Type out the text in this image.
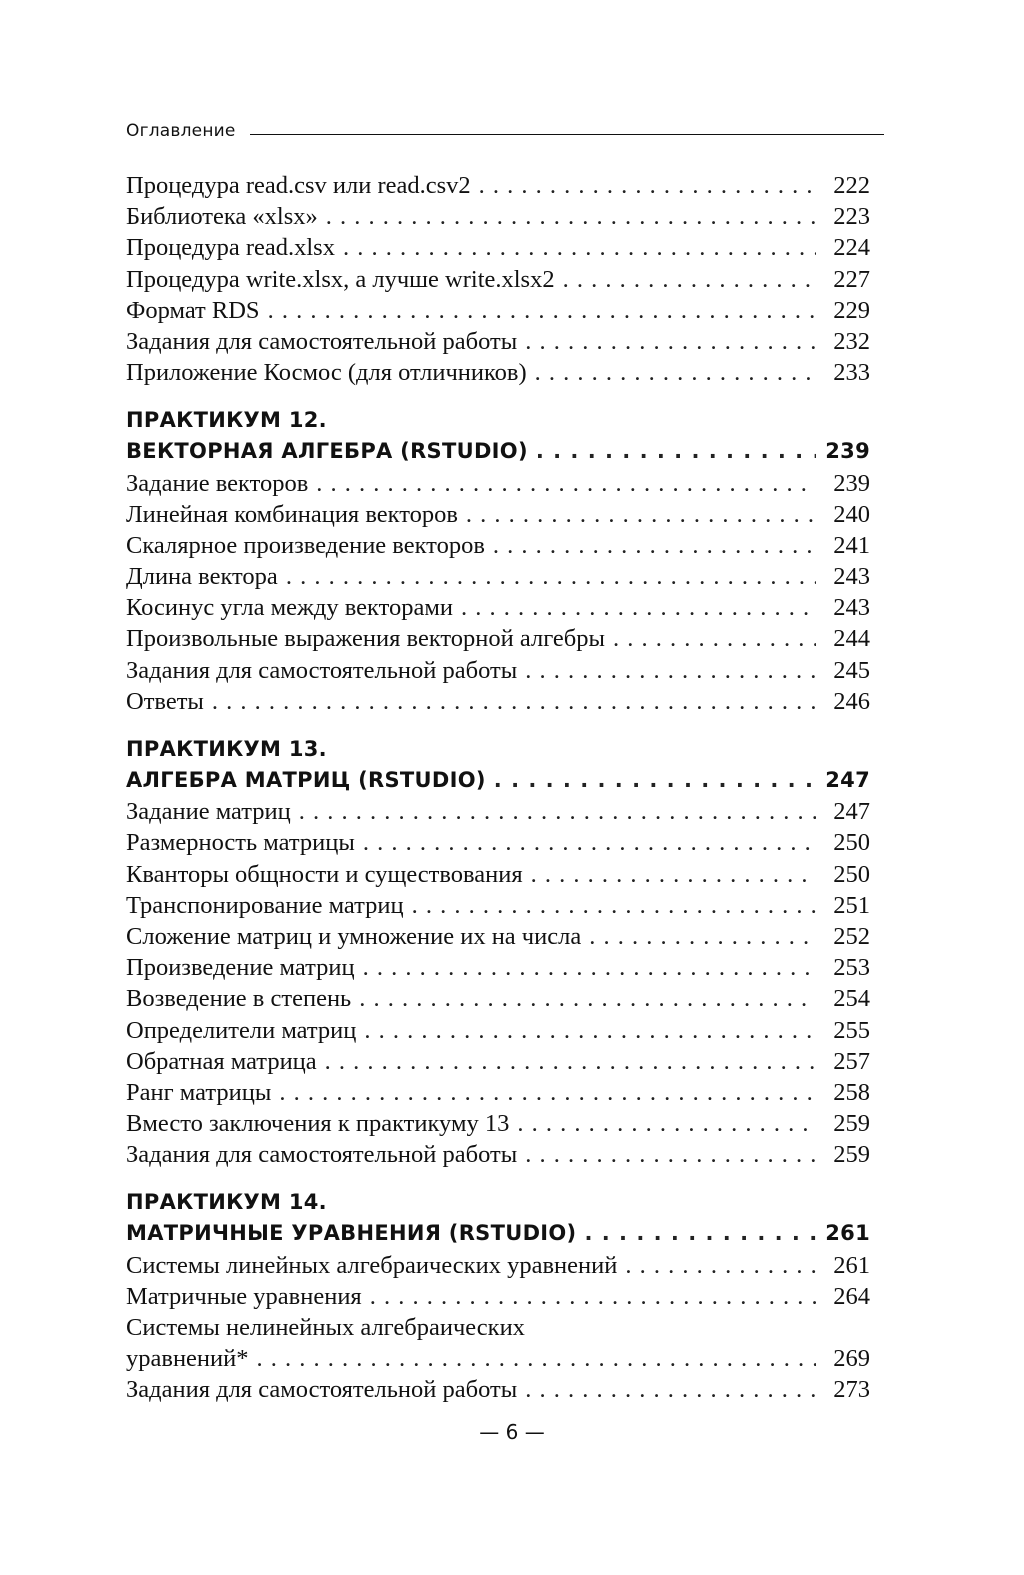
Оглавление
Процедура read.csv или read.csv2 . . .	222
Библиотека «xlsx» . . .	223
Процедура read.xlsx . . .	224
Процедура write.xlsx, а лучше write.xlsx2 . . .	227
Формат RDS . . .	229
Задания для самостоятельной работы . . .	232
Приложение Космос (для отличников) . . .	233
ПРАКТИКУМ 12.
ВЕКТОРНАЯ АЛГЕБРА (RSTUDIO) . . .	239
Задание векторов . . .	239
Линейная комбинация векторов . . .	240
Скалярное произведение векторов . . .	241
Длина вектора . . .	243
Косинус угла между векторами . . .	243
Произвольные выражения векторной алгебры . . .	244
Задания для самостоятельной работы . . .	245
Ответы . . .	246
ПРАКТИКУМ 13.
АЛГЕБРА МАТРИЦ (RSTUDIO) . . .	247
Задание матриц . . .	247
Размерность матрицы . . .	250
Кванторы общности и существования . . .	250
Транспонирование матриц . . .	251
Сложение матриц и умножение их на числа . . .	252
Произведение матриц . . .	253
Возведение в степень . . .	254
Определители матриц . . .	255
Обратная матрица . . .	257
Ранг матрицы . . .	258
Вместо заключения к практикуму 13 . . .	259
Задания для самостоятельной работы . . .	259
ПРАКТИКУМ 14.
МАТРИЧНЫЕ УРАВНЕНИЯ (RSTUDIO) . . .	261
Системы линейных алгебраических уравнений . . .	261
Матричные уравнения . . .	264
Системы нелинейных алгебраических
уравнений* . . .	269
Задания для самостоятельной работы . . .	273
— 6 —
